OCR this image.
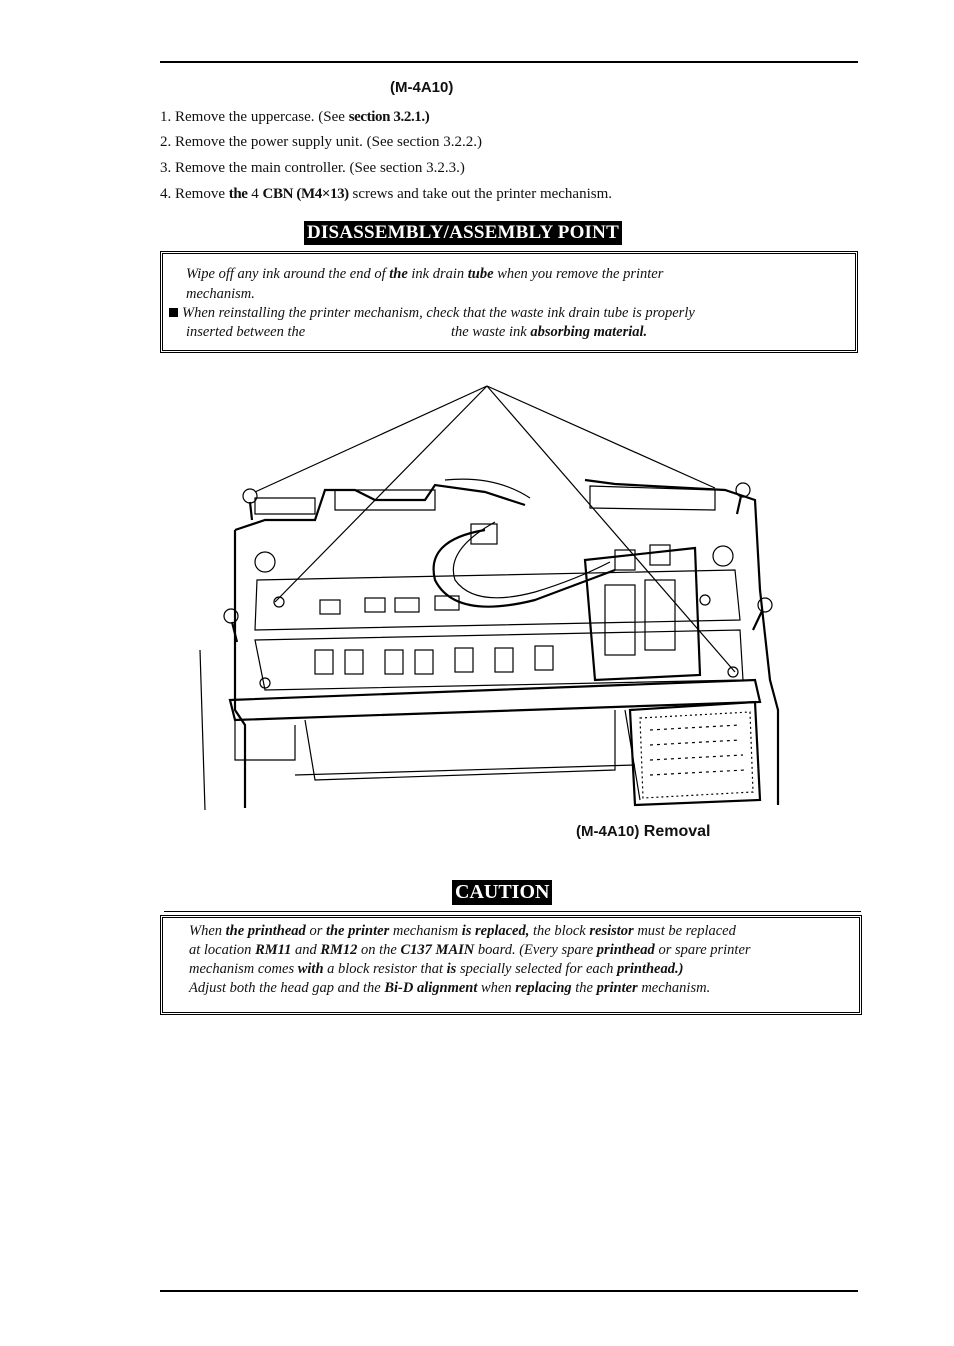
(M-4A10)
1. Remove the uppercase. (See section 3.2.1.)
2. Remove the power supply unit. (See section 3.2.2.)
3. Remove the main controller. (See section 3.2.3.)
4. Remove the 4 CBN (M4×13) screws and take out the printer mechanism.
DISASSEMBLY/ASSEMBLY POINT
Wipe off any ink around the end of the ink drain tube when you remove the printer
mechanism.
When reinstalling the printer mechanism, check that the waste ink drain tube is properly
inserted between the	the waste ink absorbing material.
(M-4A10) Removal
CAUTION
When the printhead or the printer mechanism is replaced, the block resistor must be replaced
at location RM11 and RM12 on the C137 MAIN board. (Every spare printhead or spare printer
mechanism comes with a block resistor that is specially selected for each printhead.)
Adjust both the head gap and the Bi-D alignment when replacing the printer mechanism.
